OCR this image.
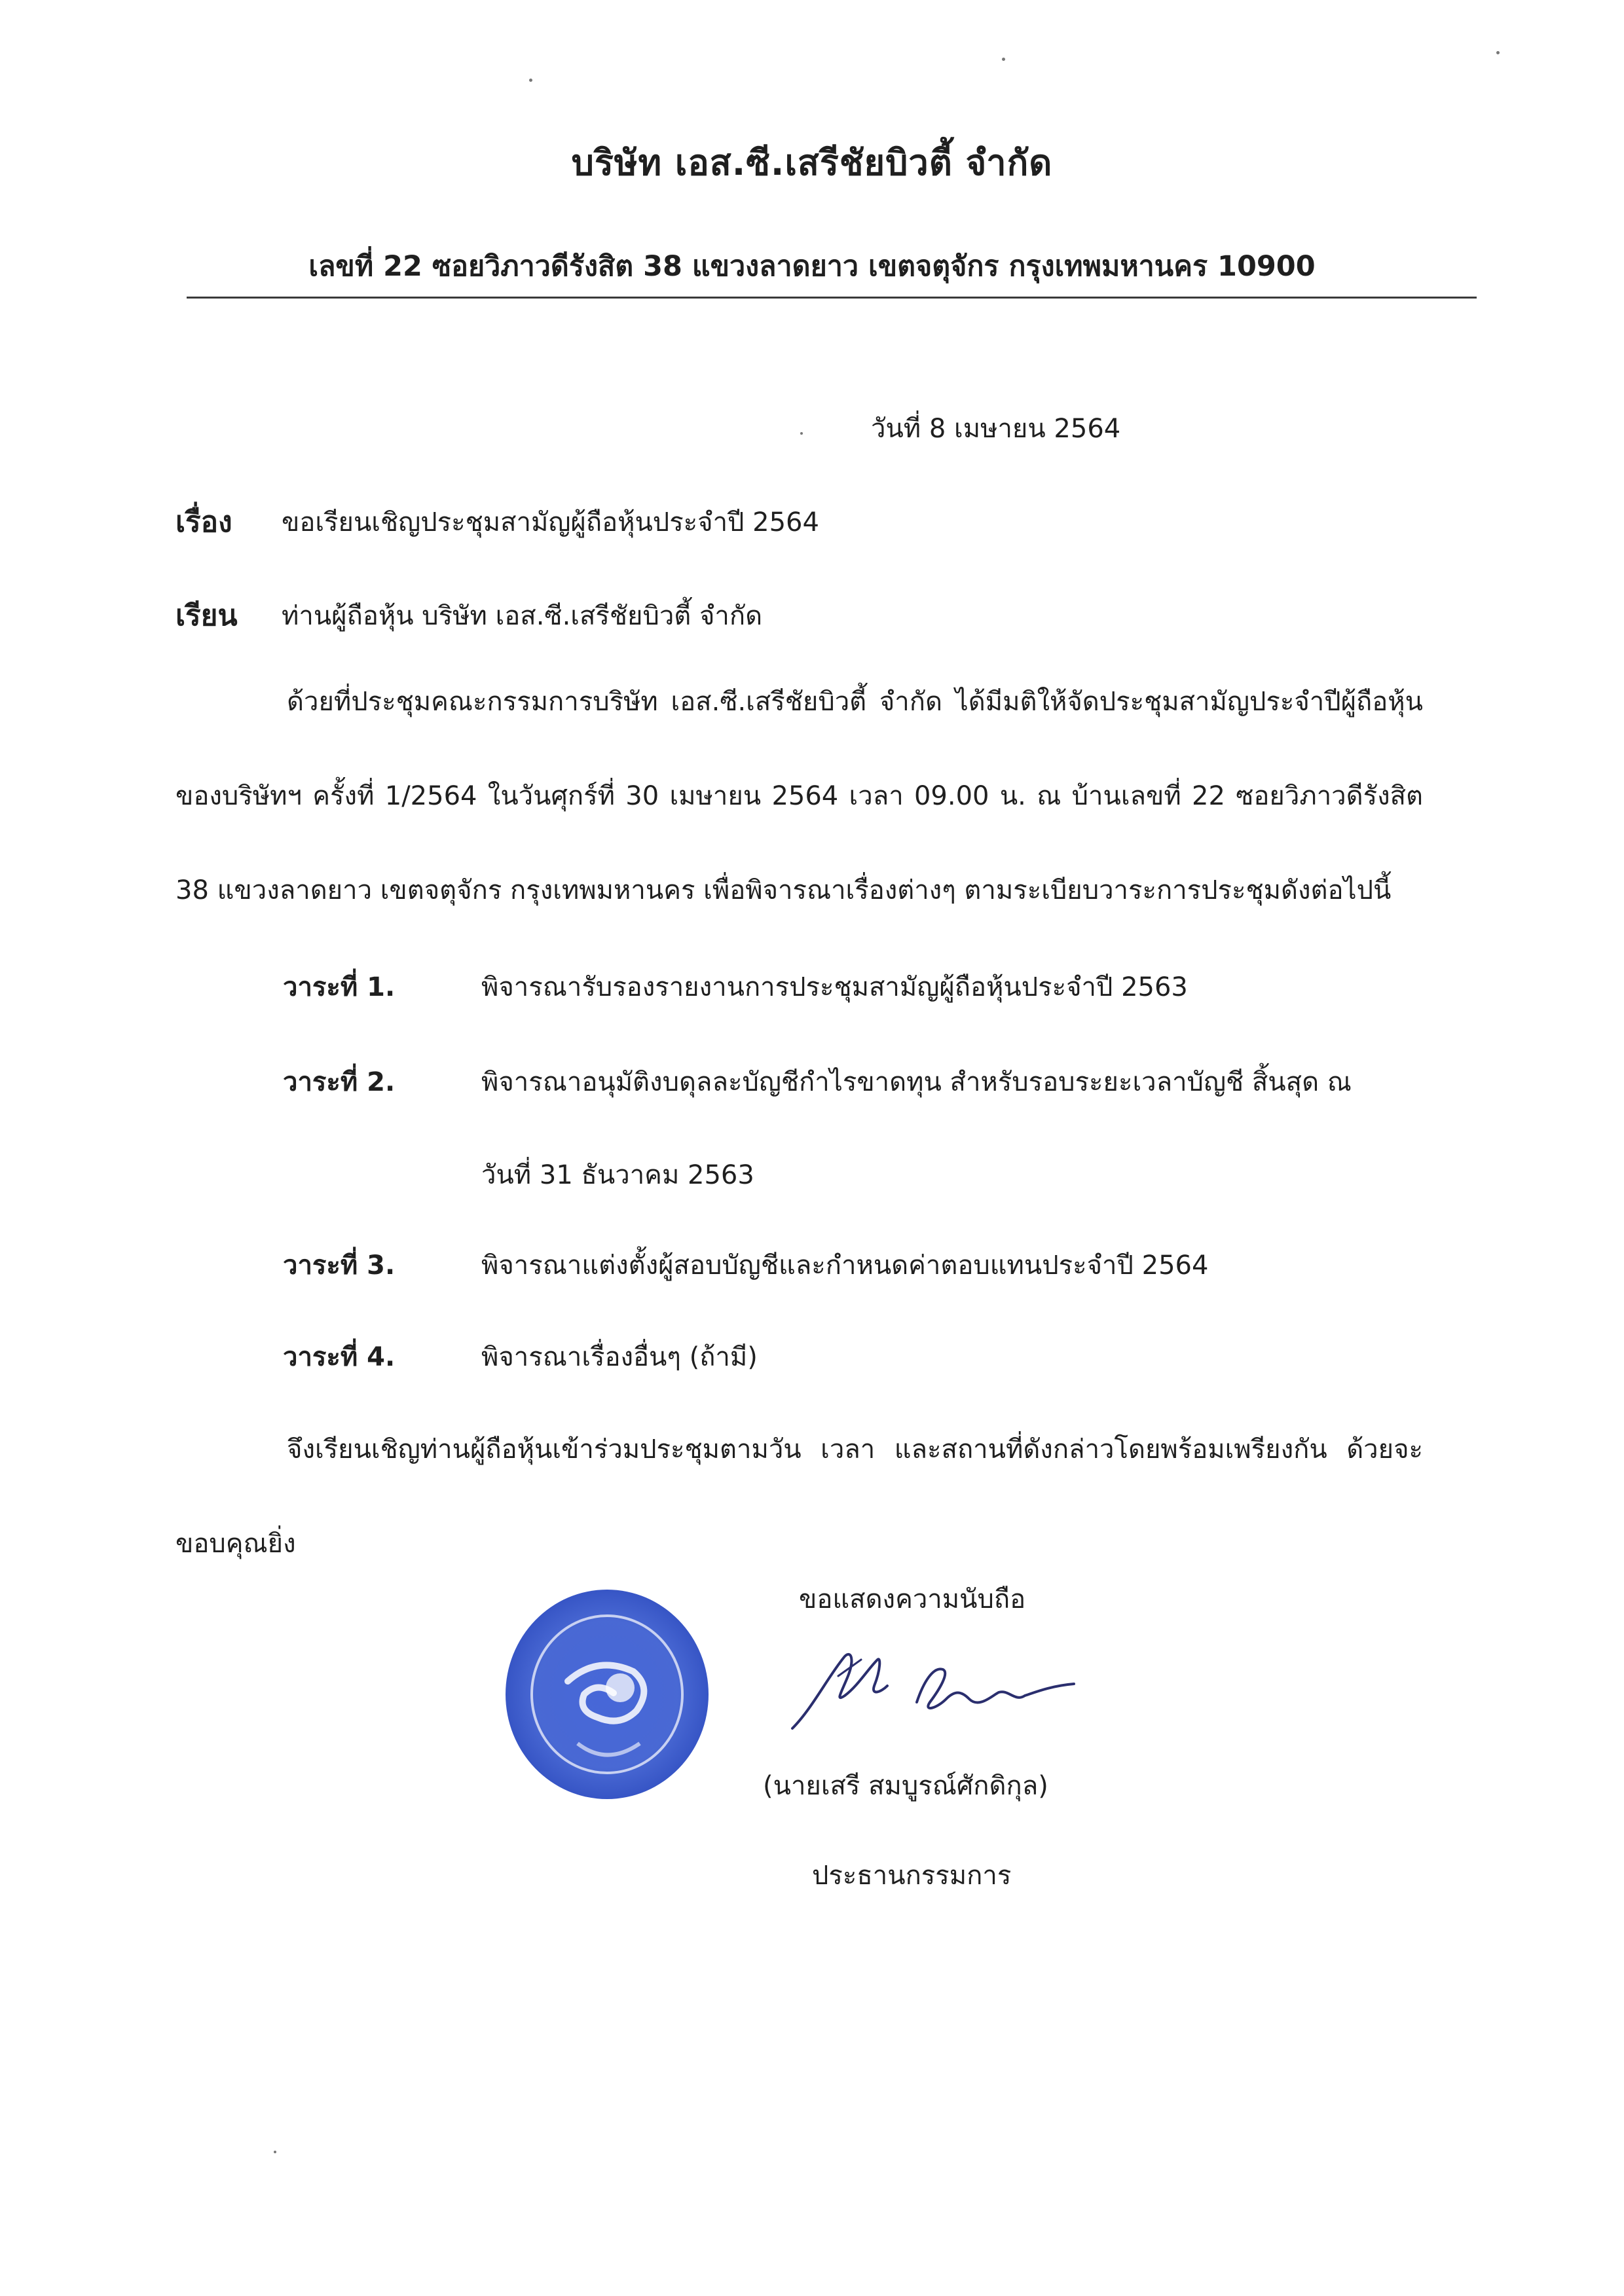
บริษัท เอส.ซี.เสรีชัยบิวตี้ จำกัด
เลขที่ 22 ซอยวิภาวดีรังสิต 38 แขวงลาดยาว เขตจตุจักร กรุงเทพมหานคร 10900
วันที่ 8 เมษายน 2564
เรื่อง ขอเรียนเชิญประชุมสามัญผู้ถือหุ้นประจำปี 2564
เรียน ท่านผู้ถือหุ้น บริษัท เอส.ซี.เสรีชัยบิวตี้ จำกัด

ด้วยที่ประชุมคณะกรรมการบริษัท เอส.ซี.เสรีชัยบิวตี้ จำกัด ได้มีมติให้จัดประชุมสามัญประจำปีผู้ถือหุ้นของบริษัทฯ ครั้งที่ 1/2564 ในวันศุกร์ที่ 30 เมษายน 2564 เวลา 09.00 น. ณ บ้านเลขที่ 22 ซอยวิภาวดีรังสิต 38 แขวงลาดยาว เขตจตุจักร กรุงเทพมหานคร เพื่อพิจารณาเรื่องต่างๆ ตามระเบียบวาระการประชุมดังต่อไปนี้

วาระที่ 1.	พิจารณารับรองรายงานการประชุมสามัญผู้ถือหุ้นประจำปี 2563
วาระที่ 2.	พิจารณาอนุมัติงบดุลละบัญชีกำไรขาดทุน สำหรับรอบระยะเวลาบัญชี สิ้นสุด ณ
วันที่ 31 ธันวาคม 2563
วาระที่ 3.	พิจารณาแต่งตั้งผู้สอบบัญชีและกำหนดค่าตอบแทนประจำปี 2564
วาระที่ 4.	พิจารณาเรื่องอื่นๆ (ถ้ามี)

จึงเรียนเชิญท่านผู้ถือหุ้นเข้าร่วมประชุมตามวัน เวลา และสถานที่ดังกล่าวโดยพร้อมเพรียงกัน ด้วยจะขอบคุณยิ่ง

ขอแสดงความนับถือ
(นายเสรี สมบูรณ์ศักดิกุล)
ประธานกรรมการ
